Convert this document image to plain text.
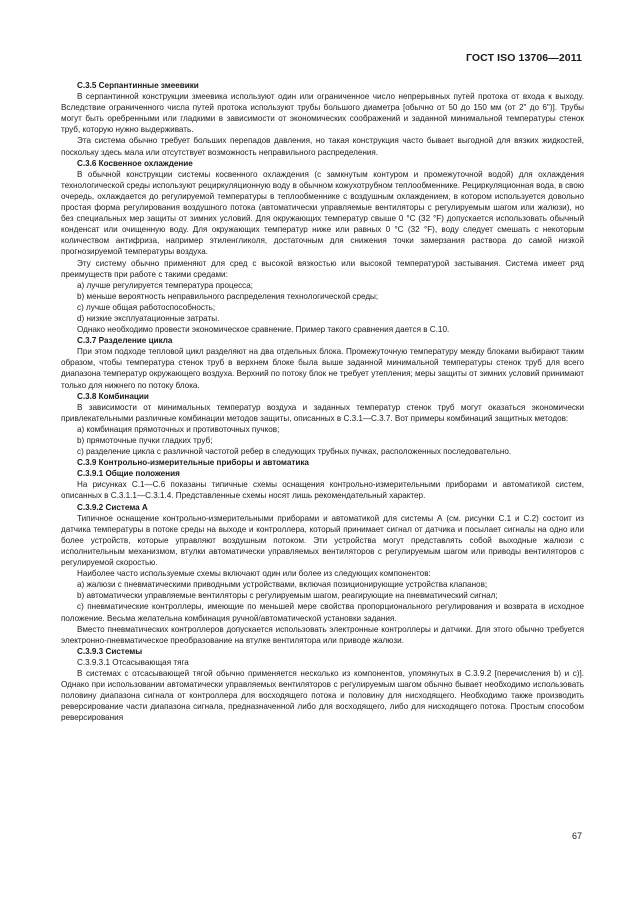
ГОСТ ISO 13706—2011

С.3.5 Серпантинные змеевики

В серпантинной конструкции змеевика используют один или ограниченное число непрерывных путей протока от входа к выходу. Вследствие ограниченного числа путей протока используют трубы большого диаметра [обычно от 50 до 150 мм (от 2" до 6")]. Трубы могут быть оребренными или гладкими в зависимости от экономических соображений и заданной минимальной температуры стенок труб, которую нужно выдерживать.

Эта система обычно требует больших перепадов давления, но такая конструкция часто бывает выгодной для вязких жидкостей, поскольку здесь мала или отсутствует возможность неправильного распределения.

С.3.6 Косвенное охлаждение

В обычной конструкции системы косвенного охлаждения (с замкнутым контуром и промежуточной водой) для охлаждения технологической среды используют рециркуляционную воду в обычном кожухотрубном теплообменнике. Рециркуляционная вода, в свою очередь, охлаждается до регулируемой температуры в теплообменнике с воздушным охлаждением, в котором используется довольно простая форма регулирования воздушного потока (автоматически управляемые вентиляторы с регулируемым шагом или жалюзи), но без специальных мер защиты от зимних условий. Для окружающих температур свыше 0 °С (32 °F) допускается использовать обычный конденсат или очищенную воду. Для окружающих температур ниже или равных 0 °С (32 °F), воду следует смешать с некоторым количеством антифриза, например этиленгликоля, достаточным для снижения точки замерзания раствора до самой низкой прогнозируемой температуры воздуха.

Эту систему обычно применяют для сред с высокой вязкостью или высокой температурой застывания. Система имеет ряд преимуществ при работе с такими средами:

а) лучше регулируется температура процесса;

b) меньше вероятность неправильного распределения технологической среды;

с) лучше общая работоспособность;

d) низкие эксплуатационные затраты.

Однако необходимо провести экономическое сравнение. Пример такого сравнения дается в С.10.

С.3.7 Разделение цикла

При этом подходе тепловой цикл разделяют на два отдельных блока. Промежуточную температуру между блоками выбирают таким образом, чтобы температура стенок труб в верхнем блоке была выше заданной минимальной температуры стенок труб для всего диапазона температур окружающего воздуха. Верхний по потоку блок не требует утепления; меры защиты от зимних условий принимают только для нижнего по потоку блока.

С.3.8 Комбинации

В зависимости от минимальных температур воздуха и заданных температур стенок труб могут оказаться экономически привлекательными различные комбинации методов защиты, описанных в С.3.1—С.3.7. Вот примеры комбинаций защитных методов:

а) комбинация прямоточных и противоточных пучков;

b) прямоточные пучки гладких труб;

с) разделение цикла с различной частотой ребер в следующих трубных пучках, расположенных последовательно.

С.3.9 Контрольно-измерительные приборы и автоматика

С.3.9.1 Общие положения

На рисунках С.1—С.6 показаны типичные схемы оснащения контрольно-измерительными приборами и автоматикой систем, описанных в С.3.1.1—С.3.1.4. Представленные схемы носят лишь рекомендательный характер.

С.3.9.2 Система А

Типичное оснащение контрольно-измерительными приборами и автоматикой для системы А (см. рисунки С.1 и С.2) состоит из датчика температуры в потоке среды на выходе и контроллера, который принимает сигнал от датчика и посылает сигналы на одно или более устройств, которые управляют воздушным потоком. Эти устройства могут представлять собой выходные жалюзи с исполнительным механизмом, втулки автоматически управляемых вентиляторов с регулируемым шагом или приводы вентиляторов с регулируемой скоростью.

Наиболее часто используемые схемы включают один или более из следующих компонентов:

а) жалюзи с пневматическими приводными устройствами, включая позиционирующие устройства клапанов;

b) автоматически управляемые вентиляторы с регулируемым шагом, реагирующие на пневматический сигнал;

с) пневматические контроллеры, имеющие по меньшей мере свойства пропорционального регулирования и возврата в исходное положение. Весьма желательна комбинация ручной/автоматической установки задания.

Вместо пневматических контроллеров допускается использовать электронные контроллеры и датчики. Для этого обычно требуется электронно-пневматическое преобразование на втулке вентилятора или приводе жалюзи.

С.3.9.3 Системы

С.3.9.3.1 Отсасывающая тяга

В системах с отсасывающей тягой обычно применяется несколько из компонентов, упомянутых в С.3.9.2 [перечисления b) и c)]. Однако при использовании автоматически управляемых вентиляторов с регулируемым шагом обычно бывает необходимо использовать половину диапазона сигнала от контроллера для восходящего потока и половину для нисходящего. Необходимо также производить реверсирование части диапазона сигнала, предназначенной либо для восходящего, либо для нисходящего потока. Простым способом реверсирования

67
